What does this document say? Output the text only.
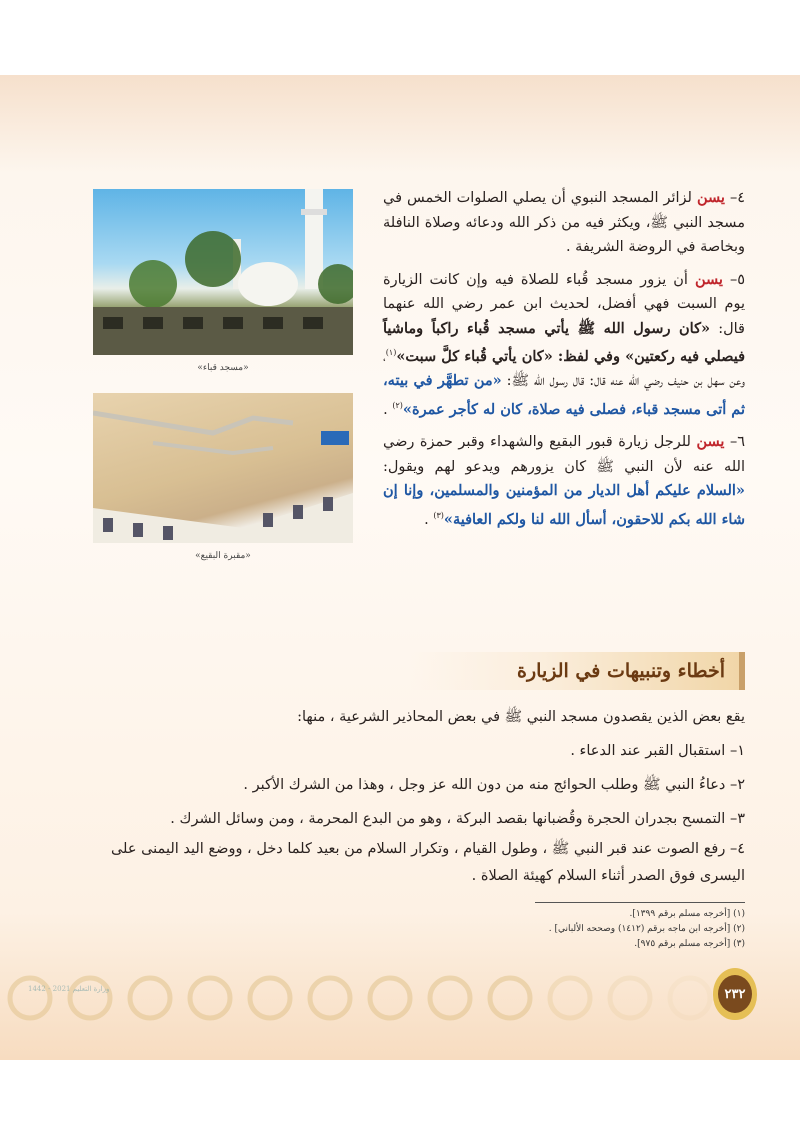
«مسجد قباء»
«مقبرة البقيع»

٤– يسن لزائر المسجد النبوي أن يصلي الصلوات الخمس في مسجد النبي ﷺ، ويكثر فيه من ذكر الله ودعائه وصلاة النافلة وبخاصة في الروضة الشريفة .

٥– يسن أن يزور مسجد قُباء للصلاة فيه وإن كانت الزيارة يوم السبت فهي أفضل، لحديث ابن عمر رضي الله عنهما قال: «كان رسول الله ﷺ يأتي مسجد قُباء راكباً وماشياً فيصلي فيه ركعتين» وفي لفظ: «كان يأتي قُباء كلَّ سبت»$^{(١)}$، وعن سهل بن حنيف رضي الله عنه قال: قال رسول الله ﷺ: «من تطهَّر في بيته، ثم أتى مسجد قباء، فصلى فيه صلاة، كان له كأجر عمرة»$^{(٢)}$ .

٦– يسن للرجل زيارة قبور البقيع والشهداء وقبر حمزة رضي الله عنه لأن النبي ﷺ كان يزورهم ويدعو لهم ويقول: «السلام عليكم أهل الديار من المؤمنين والمسلمين، وإنا إن شاء الله بكم للاحقون، أسأل الله لنا ولكم العافية»$^{(٣)}$ .

أخطاء وتنبيهات في الزيارة
يقع بعض الذين يقصدون مسجد النبي ﷺ في بعض المحاذير الشرعية ، منها:
١– استقبال القبر عند الدعاء .
٢– دعاءُ النبي ﷺ وطلب الحوائج منه من دون الله عز وجل ، وهذا من الشرك الأكبر .
٣– التمسح بجدران الحجرة وقُضبانها بقصد البركة ، وهو من البدع المحرمة ، ومن وسائل الشرك .
٤– رفع الصوت عند قبر النبي ﷺ ، وطول القيام ، وتكرار السلام من بعيد كلما دخل ، ووضع اليد اليمنى على اليسرى فوق الصدر أثناء السلام كهيئة الصلاة .
(١) [أخرجه مسلم برقم ١٣٩٩].
(٢) [أخرجه ابن ماجه برقم (١٤١٢) وصححه الألباني] .
(٣) [أخرجه مسلم برقم ٩٧٥].
وزارة التعليم 2021 - 1442	٢٣٢
